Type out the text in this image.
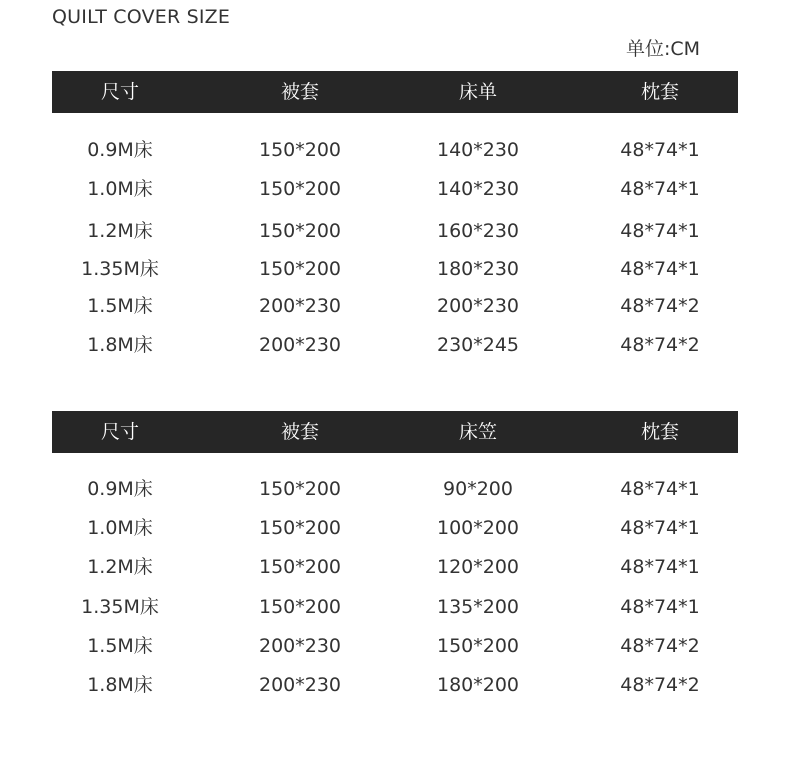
QUILT COVER SIZE
单位:CM
尺寸	被套	床单	枕套
0.9M床	150*200	140*230	48*74*1
1.0M床	150*200	140*230	48*74*1
1.2M床	150*200	160*230	48*74*1
1.35M床	150*200	180*230	48*74*1
1.5M床	200*230	200*230	48*74*2
1.8M床	200*230	230*245	48*74*2
尺寸	被套	床笠	枕套
0.9M床	150*200	90*200	48*74*1
1.0M床	150*200	100*200	48*74*1
1.2M床	150*200	120*200	48*74*1
1.35M床	150*200	135*200	48*74*1
1.5M床	200*230	150*200	48*74*2
1.8M床	200*230	180*200	48*74*2
